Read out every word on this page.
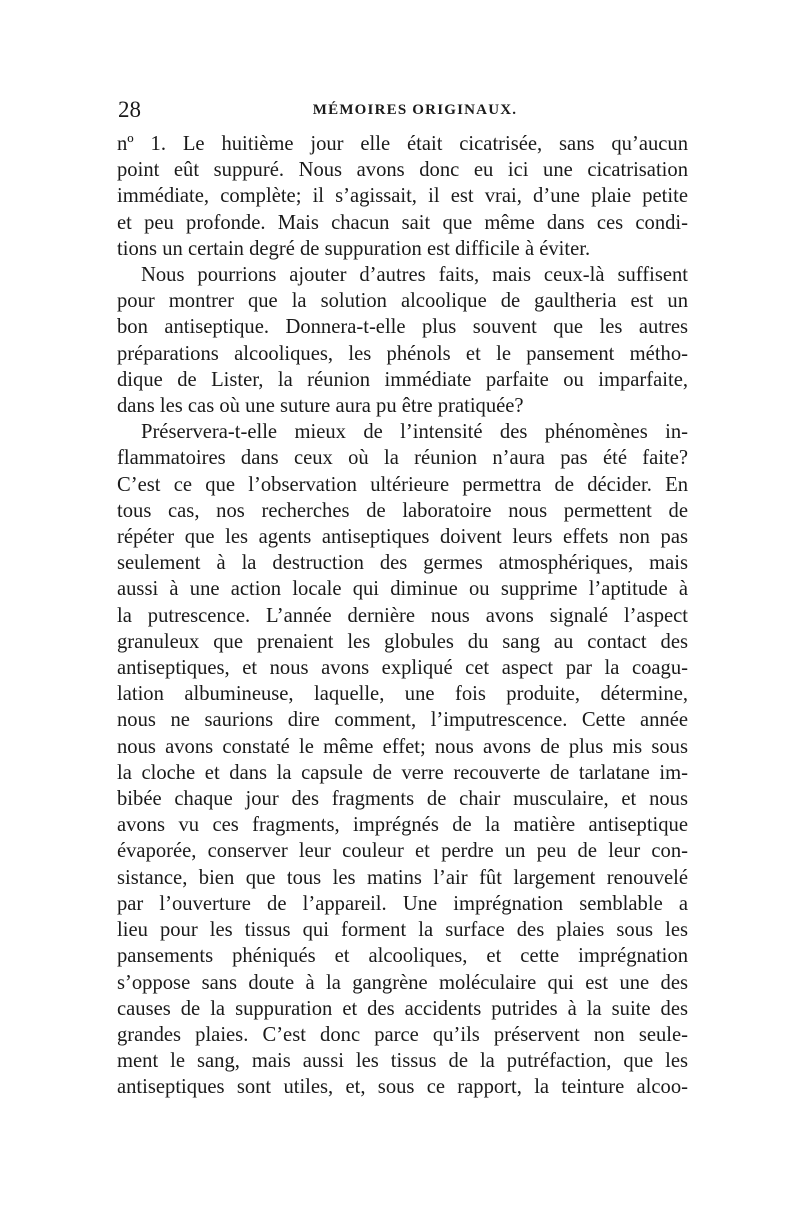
28	MÉMOIRES ORIGINAUX.
nº 1. Le huitième jour elle était cicatrisée, sans qu’aucun
point eût suppuré. Nous avons donc eu ici une cicatrisation
immédiate, complète; il s’agissait, il est vrai, d’une plaie petite
et peu profonde. Mais chacun sait que même dans ces condi-
tions un certain degré de suppuration est difficile à éviter.
Nous pourrions ajouter d’autres faits, mais ceux-là suffisent
pour montrer que la solution alcoolique de gaultheria est un
bon antiseptique. Donnera-t-elle plus souvent que les autres
préparations alcooliques, les phénols et le pansement métho-
dique de Lister, la réunion immédiate parfaite ou imparfaite,
dans les cas où une suture aura pu être pratiquée?
Préservera-t-elle mieux de l’intensité des phénomènes in-
flammatoires dans ceux où la réunion n’aura pas été faite?
C’est ce que l’observation ultérieure permettra de décider. En
tous cas, nos recherches de laboratoire nous permettent de
répéter que les agents antiseptiques doivent leurs effets non pas
seulement à la destruction des germes atmosphériques, mais
aussi à une action locale qui diminue ou supprime l’aptitude à
la putrescence. L’année dernière nous avons signalé l’aspect
granuleux que prenaient les globules du sang au contact des
antiseptiques, et nous avons expliqué cet aspect par la coagu-
lation albumineuse, laquelle, une fois produite, détermine,
nous ne saurions dire comment, l’imputrescence. Cette année
nous avons constaté le même effet; nous avons de plus mis sous
la cloche et dans la capsule de verre recouverte de tarlatane im-
bibée chaque jour des fragments de chair musculaire, et nous
avons vu ces fragments, imprégnés de la matière antiseptique
évaporée, conserver leur couleur et perdre un peu de leur con-
sistance, bien que tous les matins l’air fût largement renouvelé
par l’ouverture de l’appareil. Une imprégnation semblable a
lieu pour les tissus qui forment la surface des plaies sous les
pansements phéniqués et alcooliques, et cette imprégnation
s’oppose sans doute à la gangrène moléculaire qui est une des
causes de la suppuration et des accidents putrides à la suite des
grandes plaies. C’est donc parce qu’ils préservent non seule-
ment le sang, mais aussi les tissus de la putréfaction, que les
antiseptiques sont utiles, et, sous ce rapport, la teinture alcoo-
